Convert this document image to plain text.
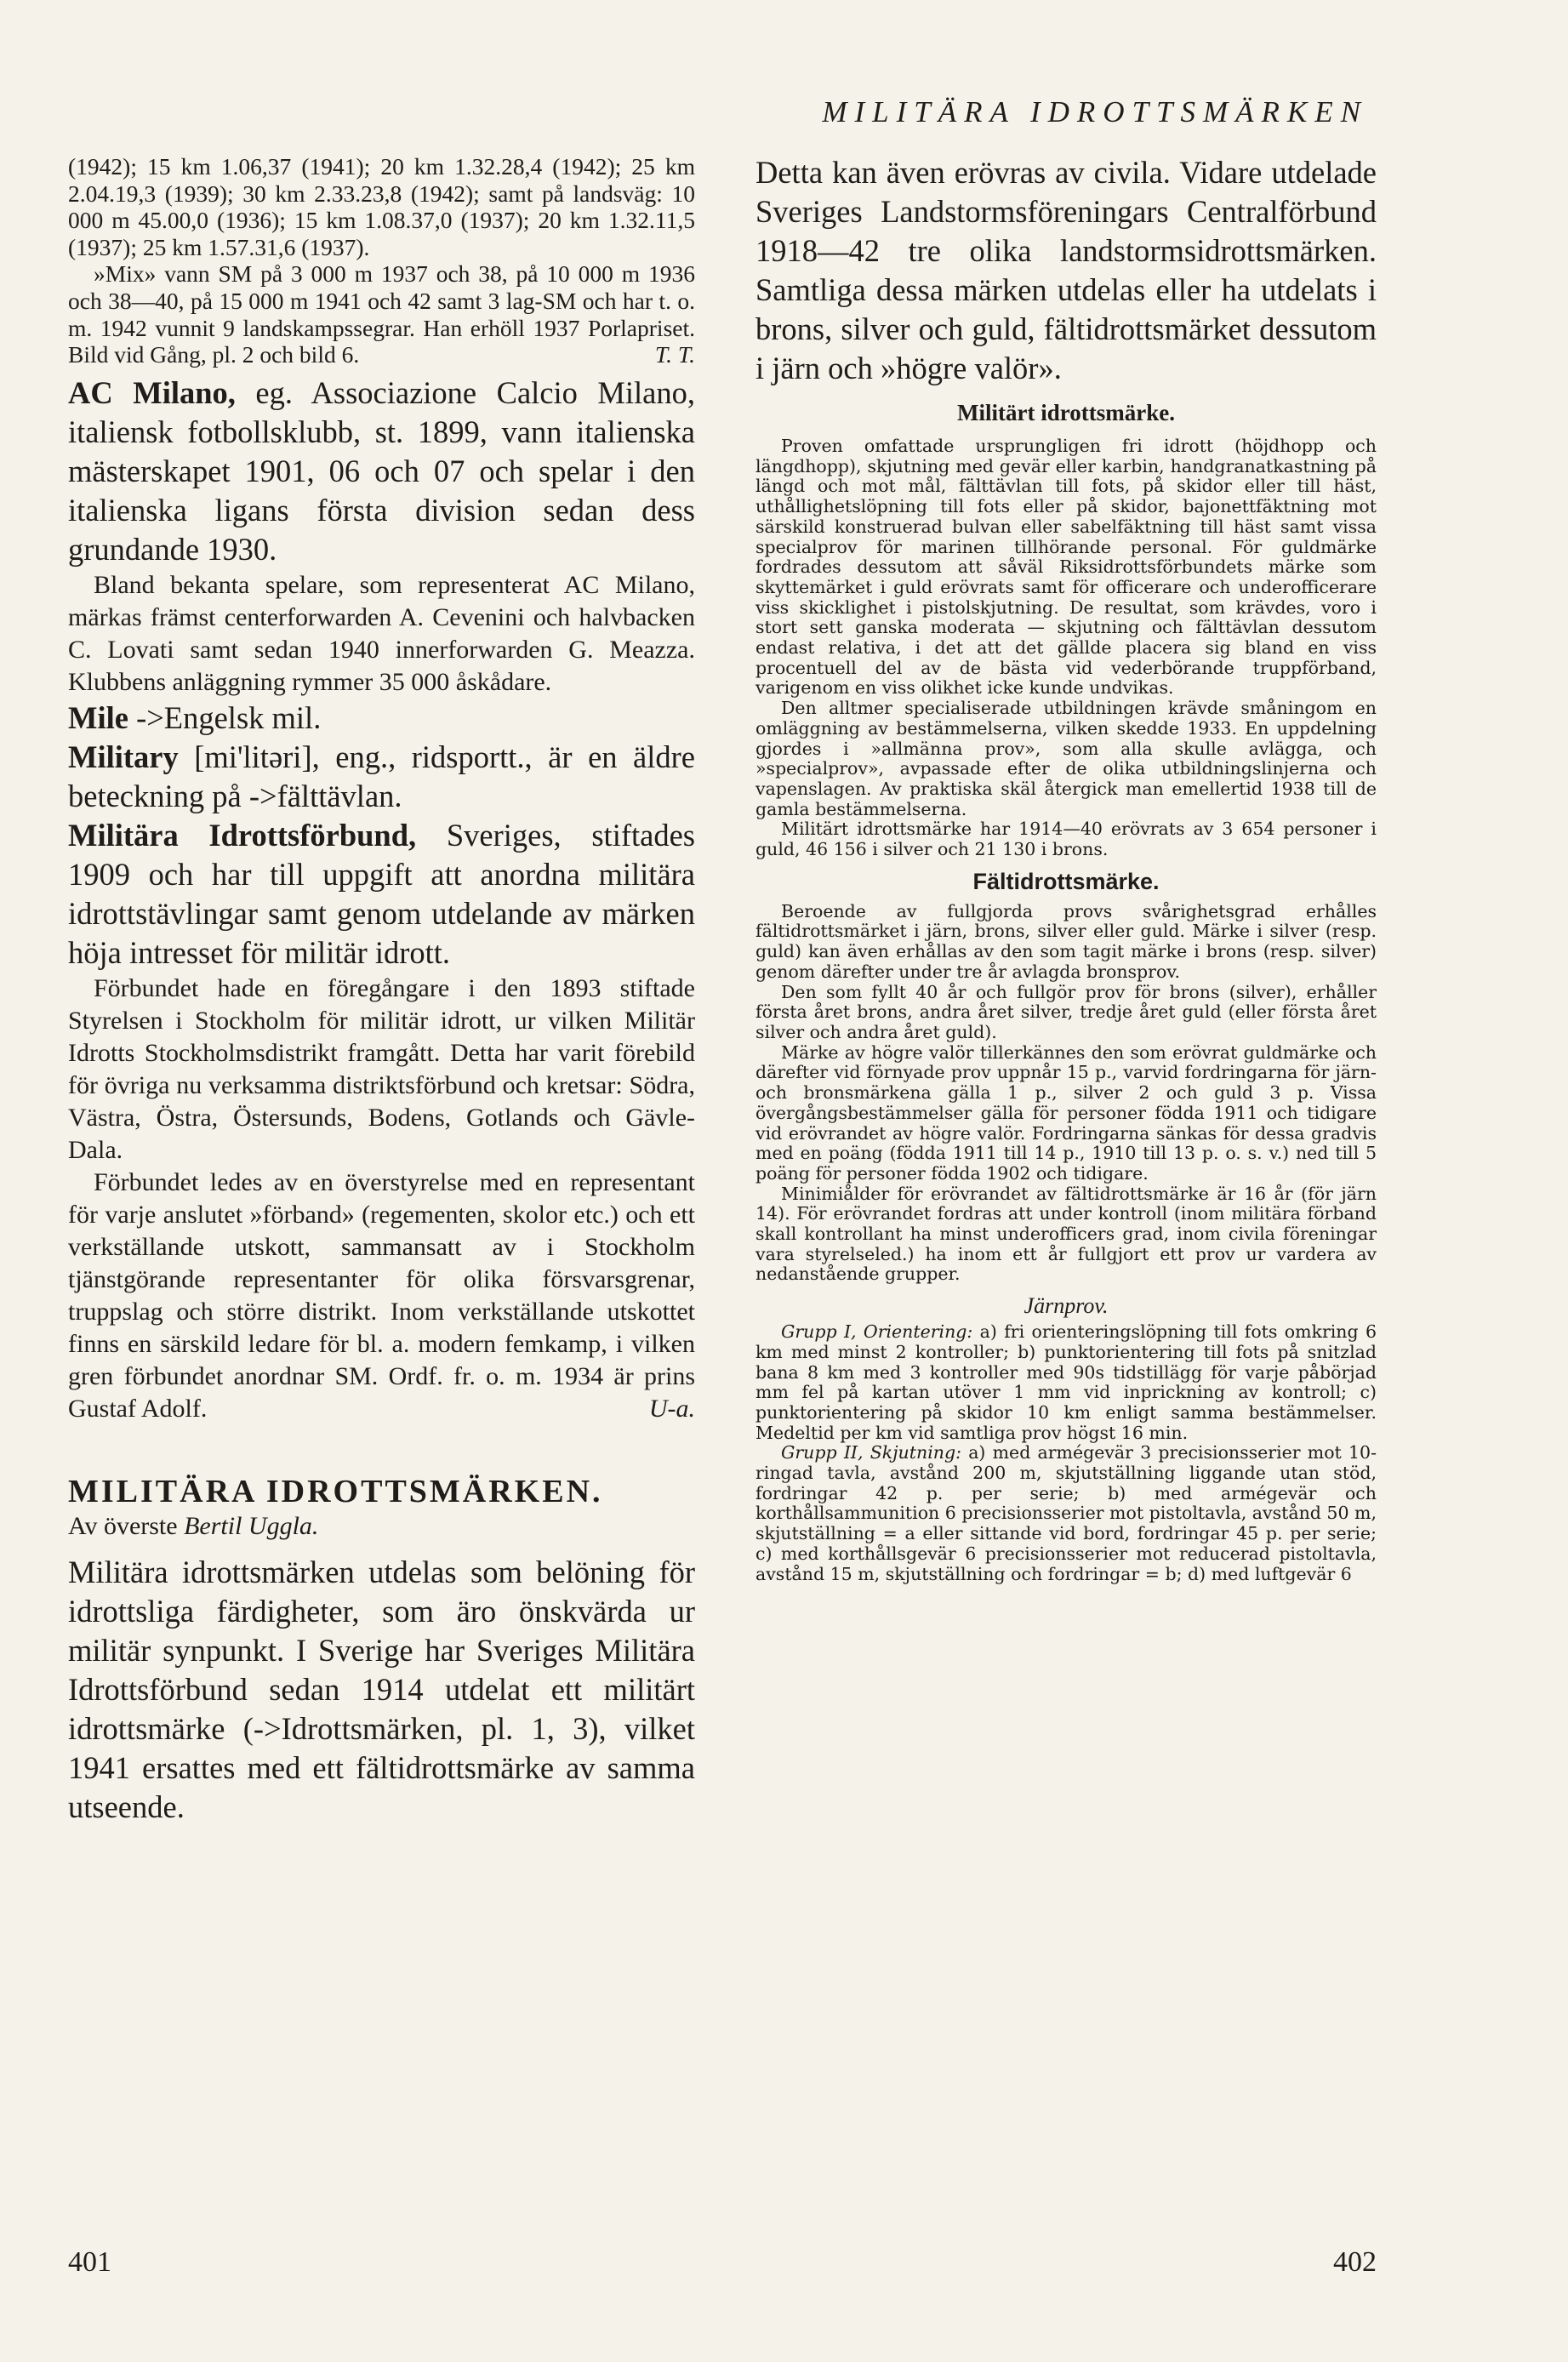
MILITÄRA IDROTTSMÄRKEN

(1942); 15 km 1.06,37 (1941); 20 km 1.32.28,4 (1942); 25 km 2.04.19,3 (1939); 30 km 2.33.23,8 (1942); samt på landsväg: 10 000 m 45.00,0 (1936); 15 km 1.08.37,0 (1937); 20 km 1.32.11,5 (1937); 25 km 1.57.31,6 (1937).

»Mix» vann SM på 3 000 m 1937 och 38, på 10 000 m 1936 och 38—40, på 15 000 m 1941 och 42 samt 3 lag-SM och har t. o. m. 1942 vunnit 9 landskampssegrar. Han erhöll 1937 Porlapriset. Bild vid Gång, pl. 2 och bild 6.	T. T.

AC Milano, eg. Associazione Calcio Milano, italiensk fotbollsklubb, st. 1899, vann italienska mästerskapet 1901, 06 och 07 och spelar i den italienska ligans första division sedan dess grundande 1930.

Bland bekanta spelare, som representerat AC Milano, märkas främst centerforwarden A. Cevenini och halvbacken C. Lovati samt sedan 1940 innerforwarden G. Meazza. Klubbens anläggning rymmer 35 000 åskådare.

Mile ->Engelsk mil.

Military [mi'litəri], eng., ridsportt., är en äldre beteckning på ->fälttävlan.

Militära Idrottsförbund, Sveriges, stiftades 1909 och har till uppgift att anordna militära idrottstävlingar samt genom utdelande av märken höja intresset för militär idrott.

Förbundet hade en föregångare i den 1893 stiftade Styrelsen i Stockholm för militär idrott, ur vilken Militär Idrotts Stockholmsdistrikt framgått. Detta har varit förebild för övriga nu verksamma distriktsförbund och kretsar: Södra, Västra, Östra, Östersunds, Bodens, Gotlands och Gävle-Dala.

Förbundet ledes av en överstyrelse med en representant för varje anslutet »förband» (regementen, skolor etc.) och ett verkställande utskott, sammansatt av i Stockholm tjänstgörande representanter för olika försvarsgrenar, truppslag och större distrikt. Inom verkställande utskottet finns en särskild ledare för bl. a. modern femkamp, i vilken gren förbundet anordnar SM. Ordf. fr. o. m. 1934 är prins Gustaf Adolf.	U-a.

MILITÄRA IDROTTSMÄRKEN.

Av överste Bertil Uggla.

Militära idrottsmärken utdelas som belöning för idrottsliga färdigheter, som äro önskvärda ur militär synpunkt. I Sverige har Sveriges Militära Idrottsförbund sedan 1914 utdelat ett militärt idrottsmärke (->Idrottsmärken, pl. 1, 3), vilket 1941 ersattes med ett fältidrottsmärke av samma utseende.

Detta kan även erövras av civila. Vidare utdelade Sveriges Landstormsföreningars Centralförbund 1918—42 tre olika landstormsidrottsmärken. Samtliga dessa märken utdelas eller ha utdelats i brons, silver och guld, fältidrottsmärket dessutom i järn och »högre valör».

Militärt idrottsmärke.

Proven omfattade ursprungligen fri idrott (höjdhopp och längdhopp), skjutning med gevär eller karbin, handgranatkastning på längd och mot mål, fälttävlan till fots, på skidor eller till häst, uthållighetslöpning till fots eller på skidor, bajonettfäktning mot särskild konstruerad bulvan eller sabelfäktning till häst samt vissa specialprov för marinen tillhörande personal. För guldmärke fordrades dessutom att såväl Riksidrottsförbundets märke som skyttemärket i guld erövrats samt för officerare och underofficerare viss skicklighet i pistolskjutning. De resultat, som krävdes, voro i stort sett ganska moderata — skjutning och fälttävlan dessutom endast relativa, i det att det gällde placera sig bland en viss procentuell del av de bästa vid vederbörande truppförband, varigenom en viss olikhet icke kunde undvikas.

Den alltmer specialiserade utbildningen krävde småningom en omläggning av bestämmelserna, vilken skedde 1933. En uppdelning gjordes i »allmänna prov», som alla skulle avlägga, och »specialprov», avpassade efter de olika utbildningslinjerna och vapenslagen. Av praktiska skäl återgick man emellertid 1938 till de gamla bestämmelserna.

Militärt idrottsmärke har 1914—40 erövrats av 3 654 personer i guld, 46 156 i silver och 21 130 i brons.

Fältidrottsmärke.

Beroende av fullgjorda provs svårighetsgrad erhålles fältidrottsmärket i järn, brons, silver eller guld. Märke i silver (resp. guld) kan även erhållas av den som tagit märke i brons (resp. silver) genom därefter under tre år avlagda bronsprov.

Den som fyllt 40 år och fullgör prov för brons (silver), erhåller första året brons, andra året silver, tredje året guld (eller första året silver och andra året guld).

Märke av högre valör tillerkännes den som erövrat guldmärke och därefter vid förnyade prov uppnår 15 p., varvid fordringarna för järn- och bronsmärkena gälla 1 p., silver 2 och guld 3 p. Vissa övergångsbestämmelser gälla för personer födda 1911 och tidigare vid erövrandet av högre valör. Fordringarna sänkas för dessa gradvis med en poäng (födda 1911 till 14 p., 1910 till 13 p. o. s. v.) ned till 5 poäng för personer födda 1902 och tidigare.

Minimiålder för erövrandet av fältidrottsmärke är 16 år (för järn 14). För erövrandet fordras att under kontroll (inom militära förband skall kontrollant ha minst underofficers grad, inom civila föreningar vara styrelseled.) ha inom ett år fullgjort ett prov ur vardera av nedanstående grupper.

Järnprov.

Grupp I, Orientering: a) fri orienteringslöpning till fots omkring 6 km med minst 2 kontroller; b) punktorientering till fots på snitzlad bana 8 km med 3 kontroller med 90s tidstillägg för varje påbörjad mm fel på kartan utöver 1 mm vid inprickning av kontroll; c) punktorientering på skidor 10 km enligt samma bestämmelser. Medeltid per km vid samtliga prov högst 16 min.

Grupp II, Skjutning: a) med armégevär 3 precisionsserier mot 10-ringad tavla, avstånd 200 m, skjutställning liggande utan stöd, fordringar 42 p. per serie; b) med armégevär och korthållsammunition 6 precisionsserier mot pistoltavla, avstånd 50 m, skjutställning = a eller sittande vid bord, fordringar 45 p. per serie; c) med korthållsgevär 6 precisionsserier mot reducerad pistoltavla, avstånd 15 m, skjutställning och fordringar = b; d) med luftgevär 6

401	402
